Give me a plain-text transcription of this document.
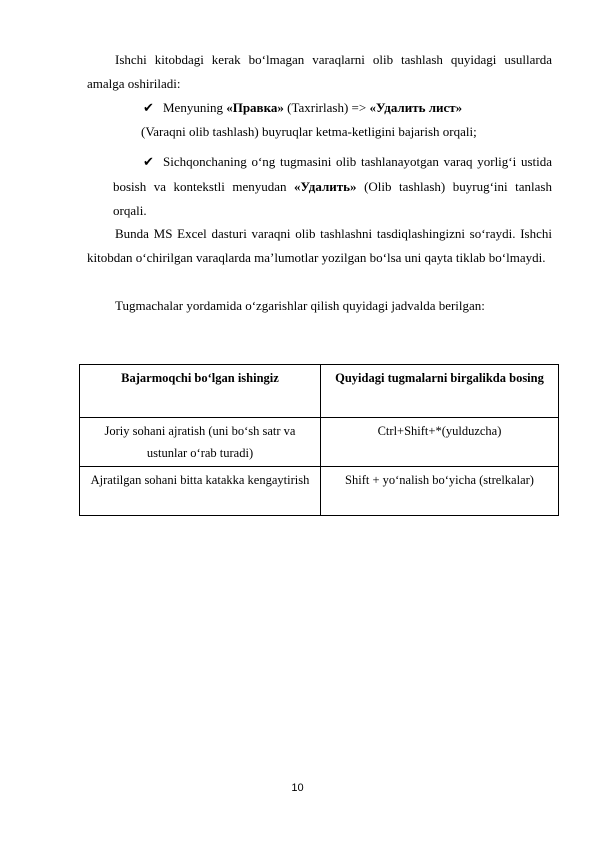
Ishchi kitobdagi kerak bo‘lmagan varaqlarni olib tashlash quyidagi usullarda amalga oshiriladi:
✔ Menyuning «Правка» (Taxrirlash) => «Удалить лист»
(Varaqni olib tashlash) buyruqlar ketma-ketligini bajarish orqali;
✔ Sichqonchaning o‘ng tugmasini olib tashlanayotgan varaq yorlig‘i ustida bosish va kontekstli menyudan «Удалить» (Olib tashlash) buyrug‘ini tanlash orqali.
Bunda MS Excel dasturi varaqni olib tashlashni tasdiqlashingizni so‘raydi. Ishchi kitobdan o‘chirilgan varaqlarda ma’lumotlar yozilgan bo‘lsa uni qayta tiklab bo‘lmaydi.
Tugmachalar yordamida o‘zgarishlar qilish quyidagi jadvalda berilgan:
Bajarmoqchi bo‘lgan ishingiz	Quyidagi tugmalarni birgalikda bosing
Joriy sohani ajratish (uni bo‘sh satr va ustunlar o‘rab turadi)	Ctrl+Shift+*(yulduzcha)
Ajratilgan sohani bitta katakka kengaytirish	Shift + yo‘nalish bo‘yicha (strelkalar)
10
